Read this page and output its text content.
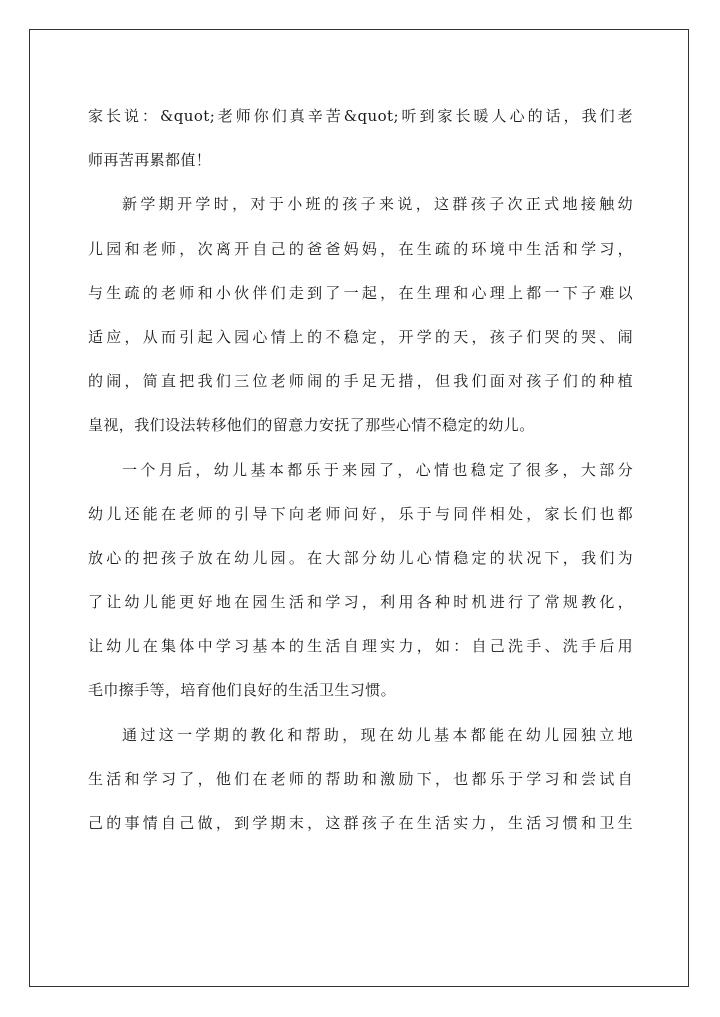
家长说：&quot;老师你们真辛苦&quot;听到家长暖人心的话，我们老
师再苦再累都值！
新学期开学时，对于小班的孩子来说，这群孩子次正式地接触幼
儿园和老师，次离开自己的爸爸妈妈，在生疏的环境中生活和学习，
与生疏的老师和小伙伴们走到了一起，在生理和心理上都一下子难以
适应，从而引起入园心情上的不稳定，开学的天，孩子们哭的哭、闹
的闹，简直把我们三位老师闹的手足无措，但我们面对孩子们的种植
皇视，我们设法转移他们的留意力安抚了那些心情不稳定的幼儿。
一个月后，幼儿基本都乐于来园了，心情也稳定了很多，大部分
幼儿还能在老师的引导下向老师问好，乐于与同伴相处，家长们也都
放心的把孩子放在幼儿园。在大部分幼儿心情稳定的状况下，我们为
了让幼儿能更好地在园生活和学习，利用各种时机进行了常规教化，
让幼儿在集体中学习基本的生活自理实力，如：自己洗手、洗手后用
毛巾擦手等，培育他们良好的生活卫生习惯。
通过这一学期的教化和帮助，现在幼儿基本都能在幼儿园独立地
生活和学习了，他们在老师的帮助和激励下，也都乐于学习和尝试自
己的事情自己做，到学期末，这群孩子在生活实力，生活习惯和卫生
